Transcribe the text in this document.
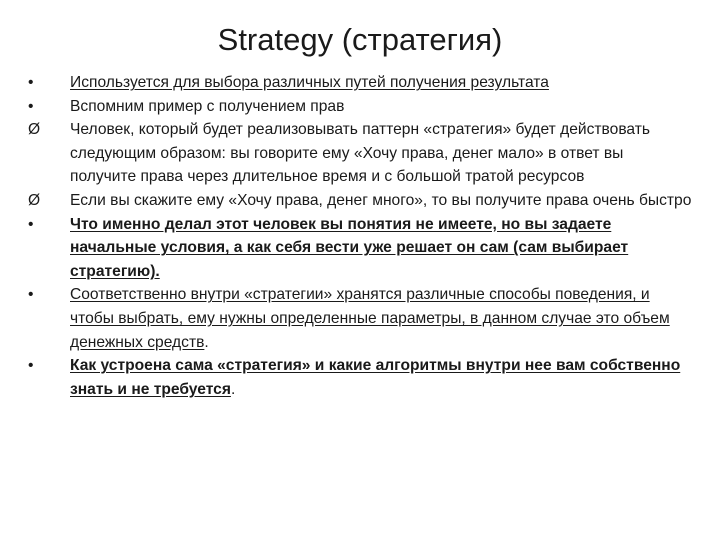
Strategy (стратегия)
•	Используется для выбора различных путей получения результата
•	Вспомним пример с получением прав
Ø	Человек, который будет реализовывать паттерн «стратегия» будет действовать следующим образом: вы говорите ему «Хочу права, денег мало» в ответ вы получите права через длительное время и с большой тратой ресурсов
Ø	Если вы скажите ему «Хочу права, денег много», то вы получите права очень быстро
•	Что именно делал этот человек вы понятия не имеете, но вы задаете начальные условия, а как себя вести уже решает он сам (сам выбирает стратегию).
•	Соответственно внутри «стратегии» хранятся различные способы поведения, и чтобы выбрать, ему нужны определенные параметры, в данном случае это объем денежных средств.
•	Как устроена сама «стратегия» и какие алгоритмы внутри нее вам собственно знать и не требуется.
